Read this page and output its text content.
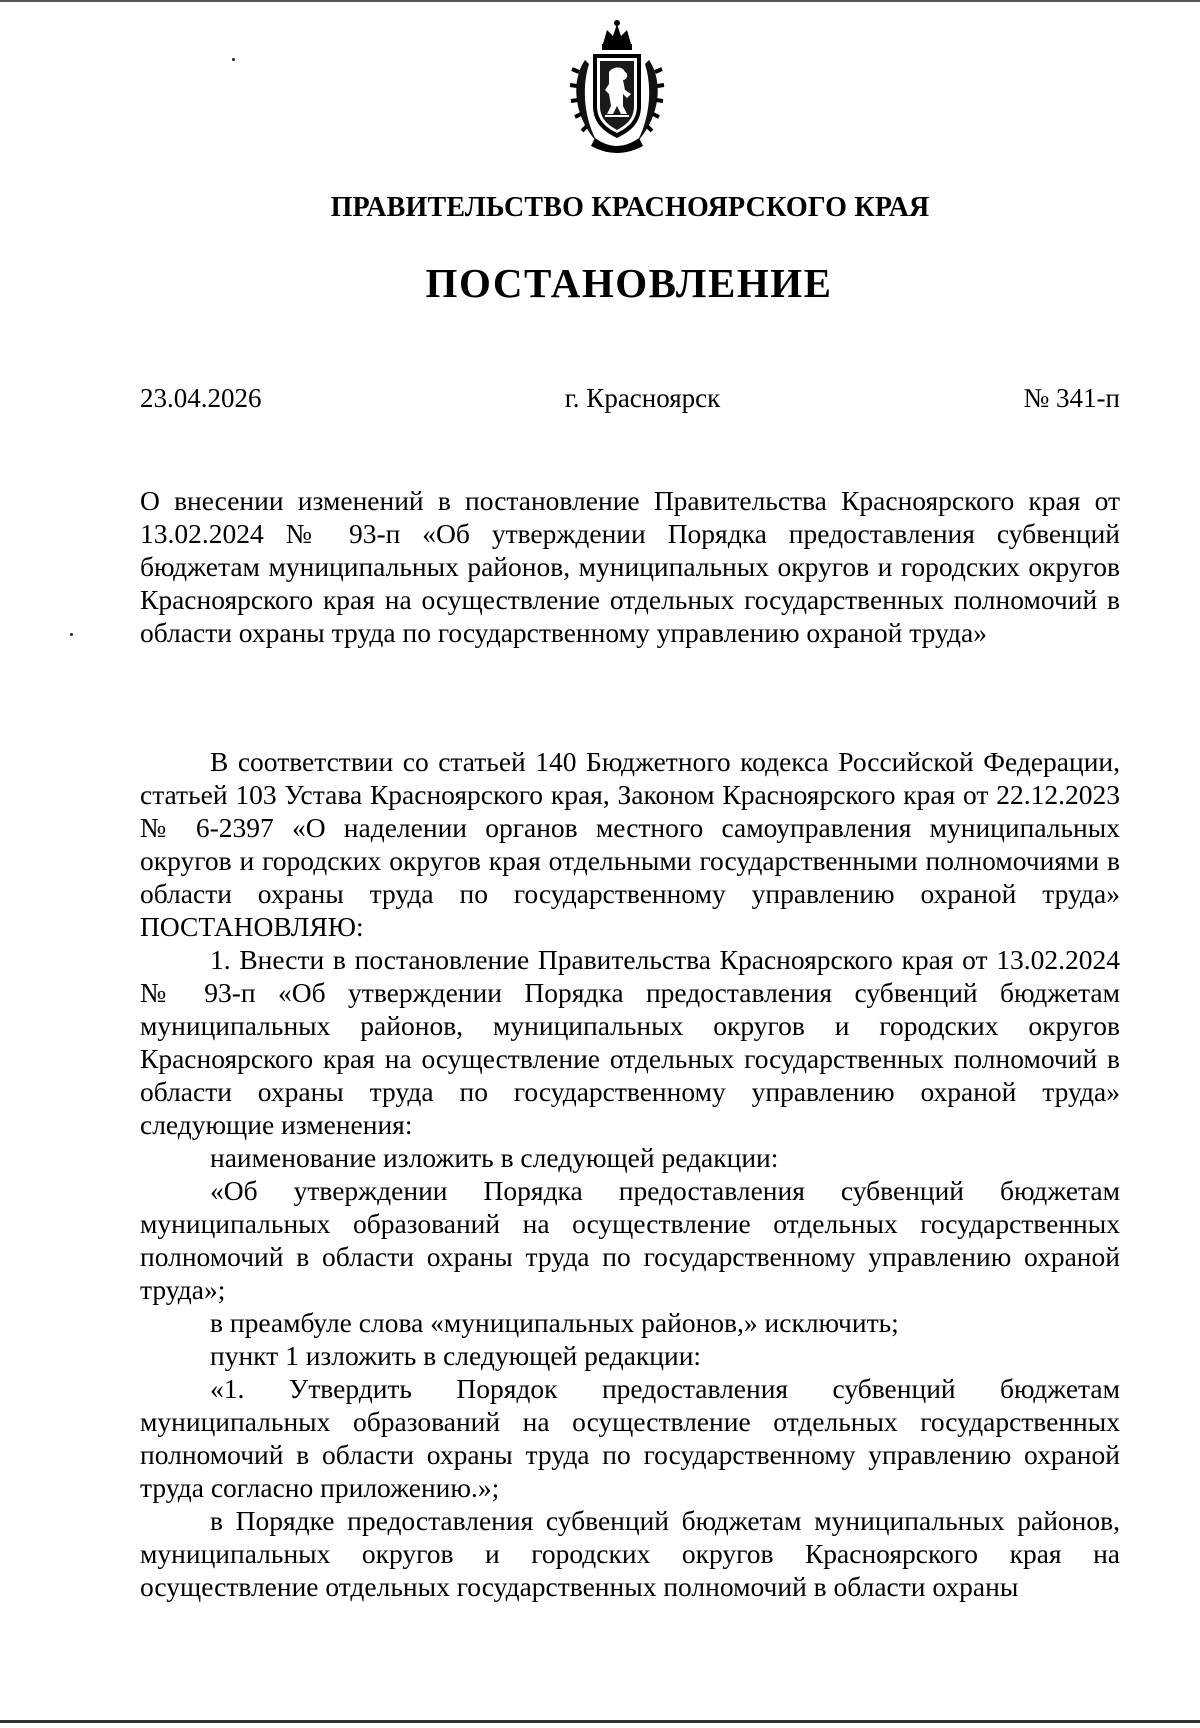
ПРАВИТЕЛЬСТВО КРАСНОЯРСКОГО КРАЯ
ПОСТАНОВЛЕНИЕ
23.04.2026	г. Красноярск	№ 341-п
О внесении изменений в постановление Правительства Красноярского края от 13.02.2024 № 93-п «Об утверждении Порядка предоставления субвенций бюджетам муниципальных районов, муниципальных округов и городских округов Красноярского края на осуществление отдельных государственных полномочий в области охраны труда по государственному управлению охраной труда»

В соответствии со статьей 140 Бюджетного кодекса Российской Федерации, статьей 103 Устава Красноярского края, Законом Красноярского края от 22.12.2023 № 6-2397 «О наделении органов местного самоуправления муниципальных округов и городских округов края отдельными государственными полномочиями в области охраны труда по государственному управлению охраной труда» ПОСТАНОВЛЯЮ:

1. Внести в постановление Правительства Красноярского края от 13.02.2024 № 93-п «Об утверждении Порядка предоставления субвенций бюджетам муниципальных районов, муниципальных округов и городских округов Красноярского края на осуществление отдельных государственных полномочий в области охраны труда по государственному управлению охраной труда» следующие изменения:

наименование изложить в следующей редакции:

«Об утверждении Порядка предоставления субвенций бюджетам муниципальных образований на осуществление отдельных государственных полномочий в области охраны труда по государственному управлению охраной труда»;

в преамбуле слова «муниципальных районов,» исключить;

пункт 1 изложить в следующей редакции:

«1. Утвердить Порядок предоставления субвенций бюджетам муниципальных образований на осуществление отдельных государственных полномочий в области охраны труда по государственному управлению охраной труда согласно приложению.»;

в Порядке предоставления субвенций бюджетам муниципальных районов, муниципальных округов и городских округов Красноярского края на осуществление отдельных государственных полномочий в области охраны
